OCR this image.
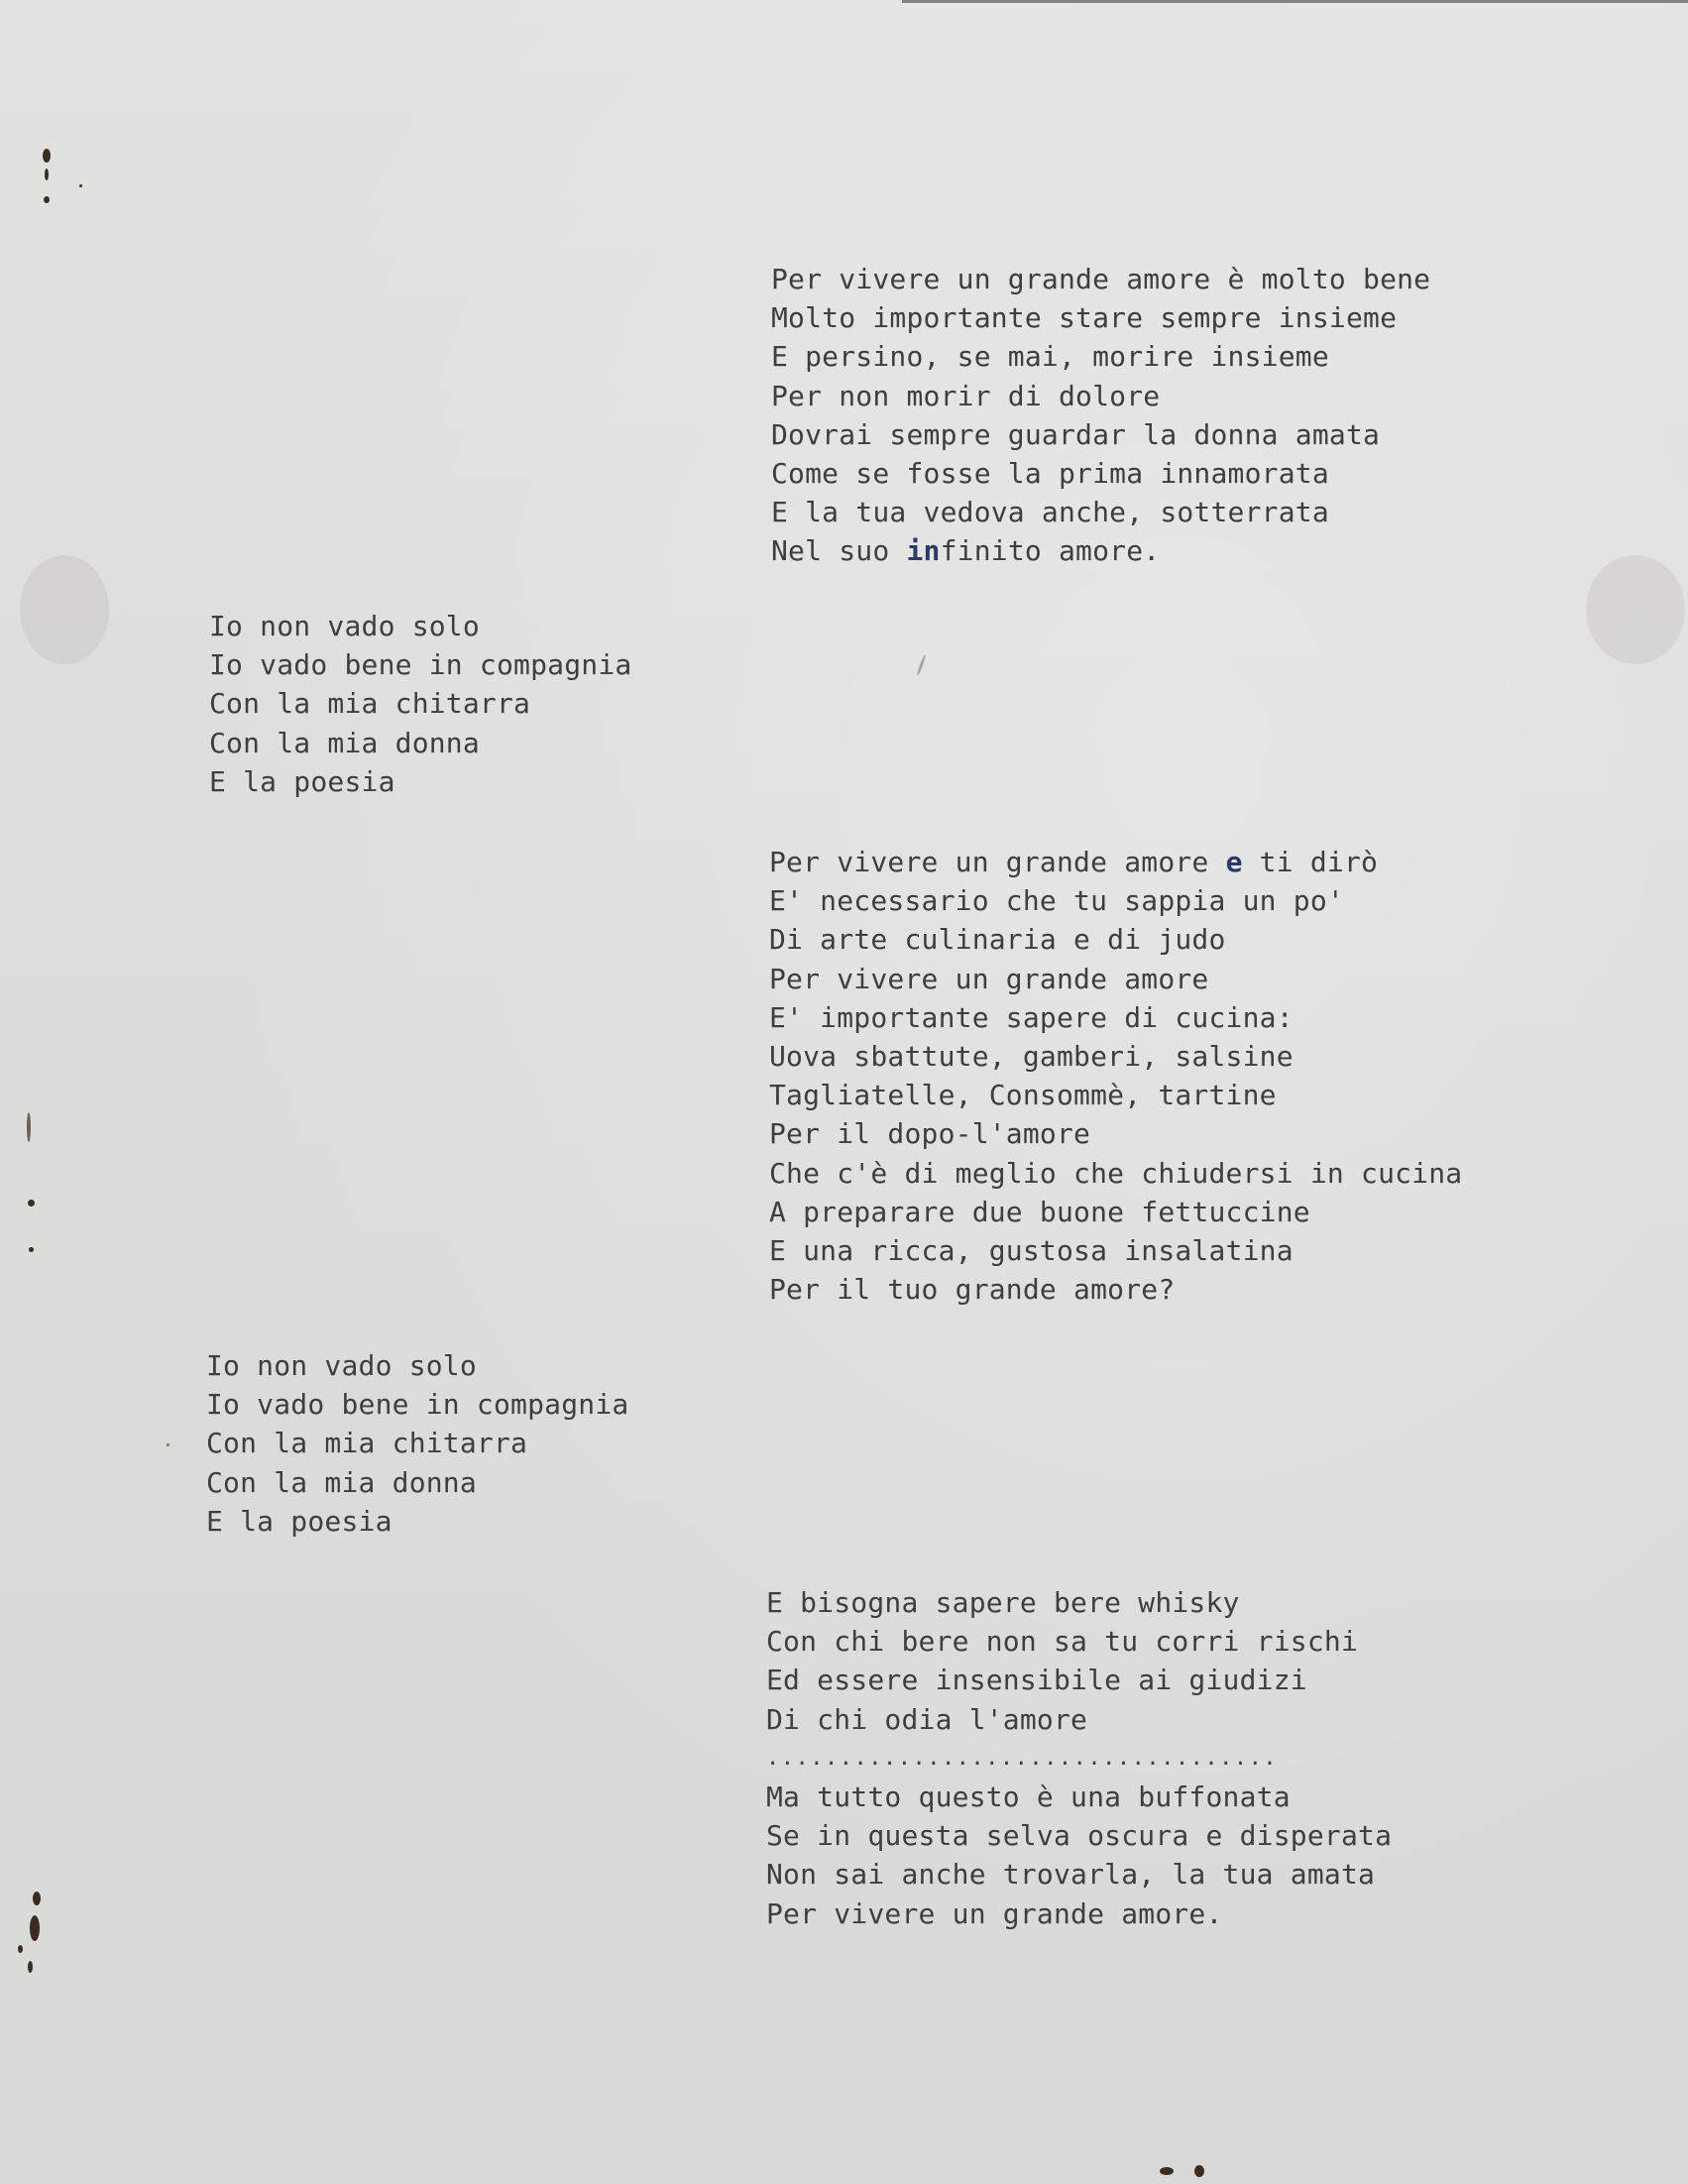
Per vivere un grande amore è molto bene
Molto importante stare sempre insieme
E persino, se mai, morire insieme
Per non morir di dolore
Dovrai sempre guardar la donna amata
Come se fosse la prima innamorata
E la tua vedova anche, sotterrata
Nel suo infinito amore.
Io non vado solo
Io vado bene in compagnia
Con la mia chitarra
Con la mia donna
E la poesia
Per vivere un grande amore e ti dirò
E' necessario che tu sappia un po'
Di arte culinaria e di judo
Per vivere un grande amore
E' importante sapere di cucina:
Uova sbattute, gamberi, salsine
Tagliatelle, Consommè, tartine
Per il dopo-l'amore
Che c'è di meglio che chiudersi in cucina
A preparare due buone fettuccine
E una ricca, gustosa insalatina
Per il tuo grande amore?
Io non vado solo
Io vado bene in compagnia
Con la mia chitarra
Con la mia donna
E la poesia
E bisogna sapere bere whisky
Con chi bere non sa tu corri rischi
Ed essere insensibile ai giudizi
Di chi odia l'amore
...................................
Ma tutto questo è una buffonata
Se in questa selva oscura e disperata
Non sai anche trovarla, la tua amata
Per vivere un grande amore.
